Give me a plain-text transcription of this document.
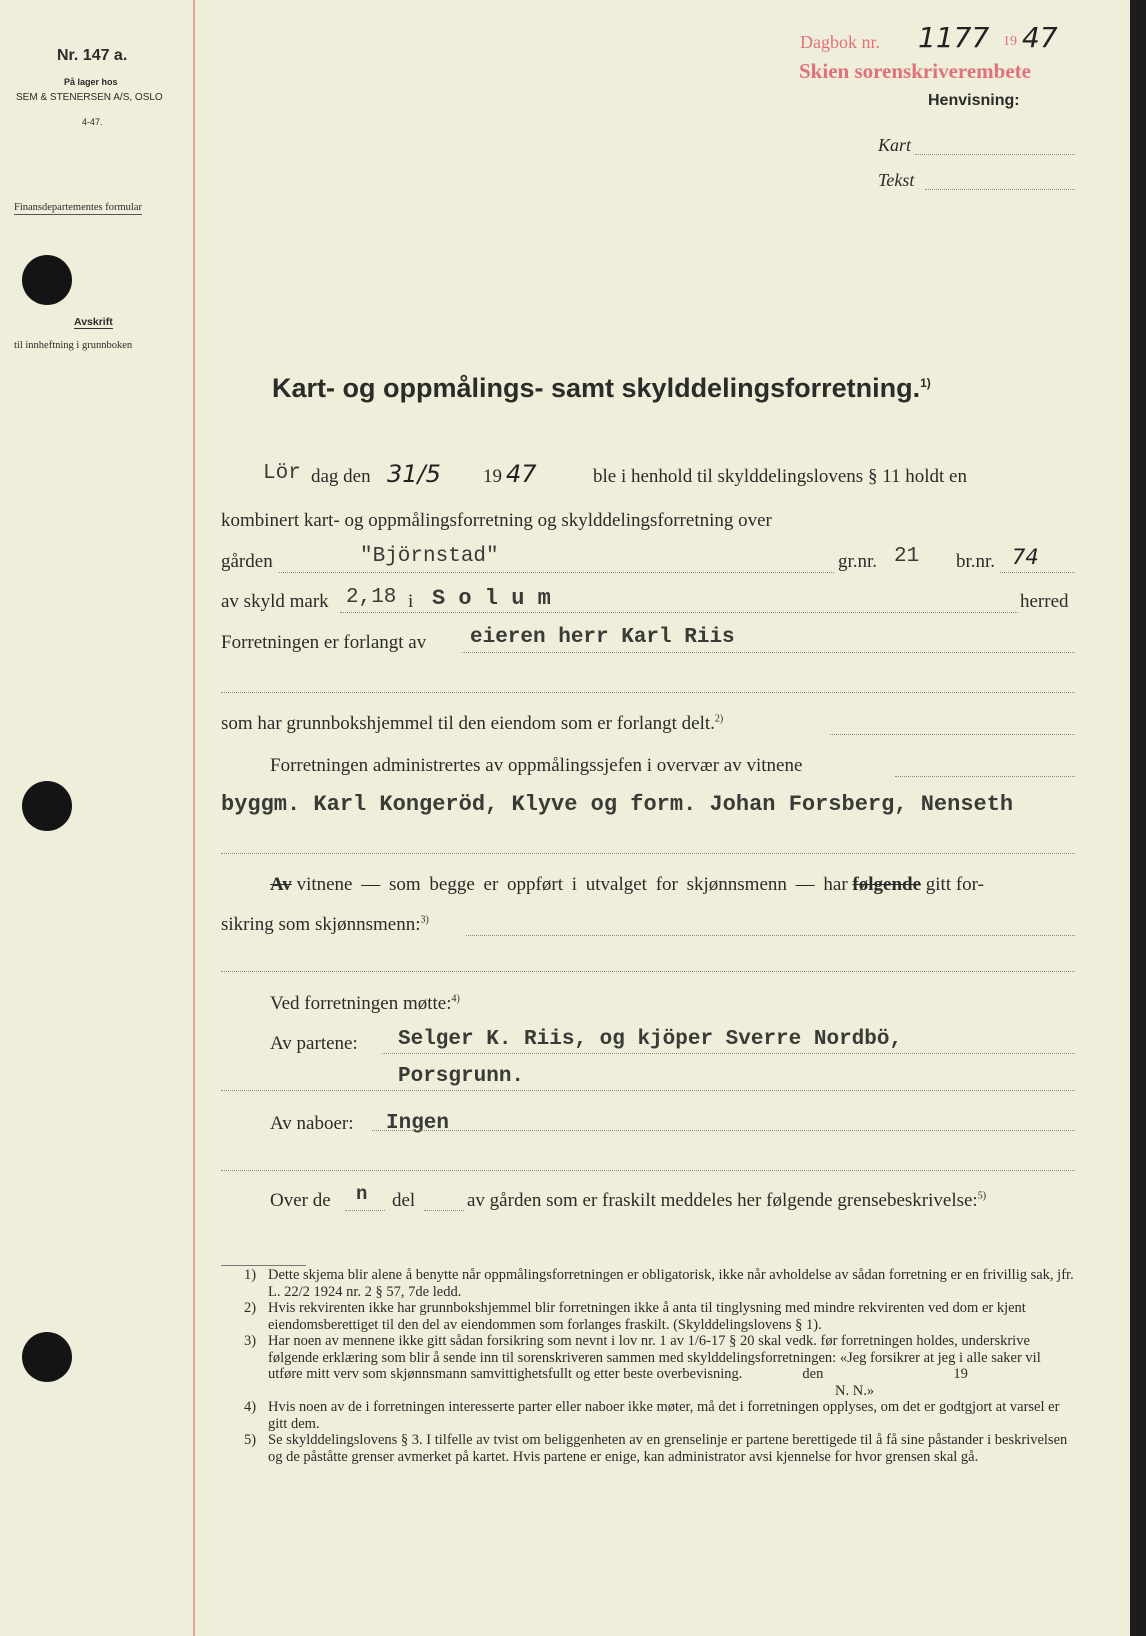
Nr. 147 a.
På lager hos
SEM & STENERSEN A/S, OSLO
4-47.
Finansdepartementes formular
Avskrift
til innheftning i grunnboken
Dagbok nr. 1177 19 47
Skien sorenskriverembete
Henvisning:
Kart
Tekst
Kart- og oppmålings- samt skylddelingsforretning.$^{1)}$
Lör dag den 31/5 19 47	ble i henhold til skylddelingslovens § 11 holdt en
kombinert kart- og oppmålingsforretning og skylddelingsforretning over
gården	"Björnstad"	gr.nr. 21 br.nr. 74
av skyld mark 2,18 i S o l u m	herred
Forretningen er forlangt av eieren herr Karl Riis
som har grunnbokshjemmel til den eiendom som er forlangt delt.$^{2)}$
Forretningen administrertes av oppmålingssjefen i overvær av vitnene
byggm. Karl Kongeröd, Klyve og form. Johan Forsberg, Nenseth
Av vitnene — som begge er oppført i utvalget for skjønnsmenn — har følgende gitt for-
sikring som skjønnsmenn:$^{3)}$
Ved forretningen møtte:$^{4)}$
Av partene: Selger K. Riis, og kjöper Sverre Nordbö,
Porsgrunn.
Av naboer: Ingen
Over de n del	av gården som er fraskilt meddeles her følgende grensebeskrivelse:$^{5)}$
1) Dette skjema blir alene å benytte når oppmålingsforretningen er obligatorisk, ikke når avholdelse av sådan forretning er en frivillig sak, jfr. L. 22/2 1924 nr. 2 § 57, 7de ledd.
2) Hvis rekvirenten ikke har grunnbokshjemmel blir forretningen ikke å anta til tinglysning med mindre rekvirenten ved dom er kjent eiendomsberettiget til den del av eiendommen som forlanges fraskilt. (Skylddelingslovens § 1).
3) Har noen av mennene ikke gitt sådan forsikring som nevnt i lov nr. 1 av 1/6-17 § 20 skal vedk. før forretningen holdes, underskrive følgende erklæring som blir å sende inn til sorenskriveren sammen med skylddelingsforretningen: «Jeg forsikrer at jeg i alle saker vil utføre mitt verv som skjønnsmann samvittighetsfullt og etter beste overbevisning.	den	19
N. N.»
4) Hvis noen av de i forretningen interesserte parter eller naboer ikke møter, må det i forretningen opplyses, om det er godtgjort at varsel er gitt dem.
5) Se skylddelingslovens § 3. I tilfelle av tvist om beliggenheten av en grenselinje er partene berettigede til å få sine påstander i beskrivelsen og de påståtte grenser avmerket på kartet. Hvis partene er enige, kan administrator avsi kjennelse for hvor grensen skal gå.
